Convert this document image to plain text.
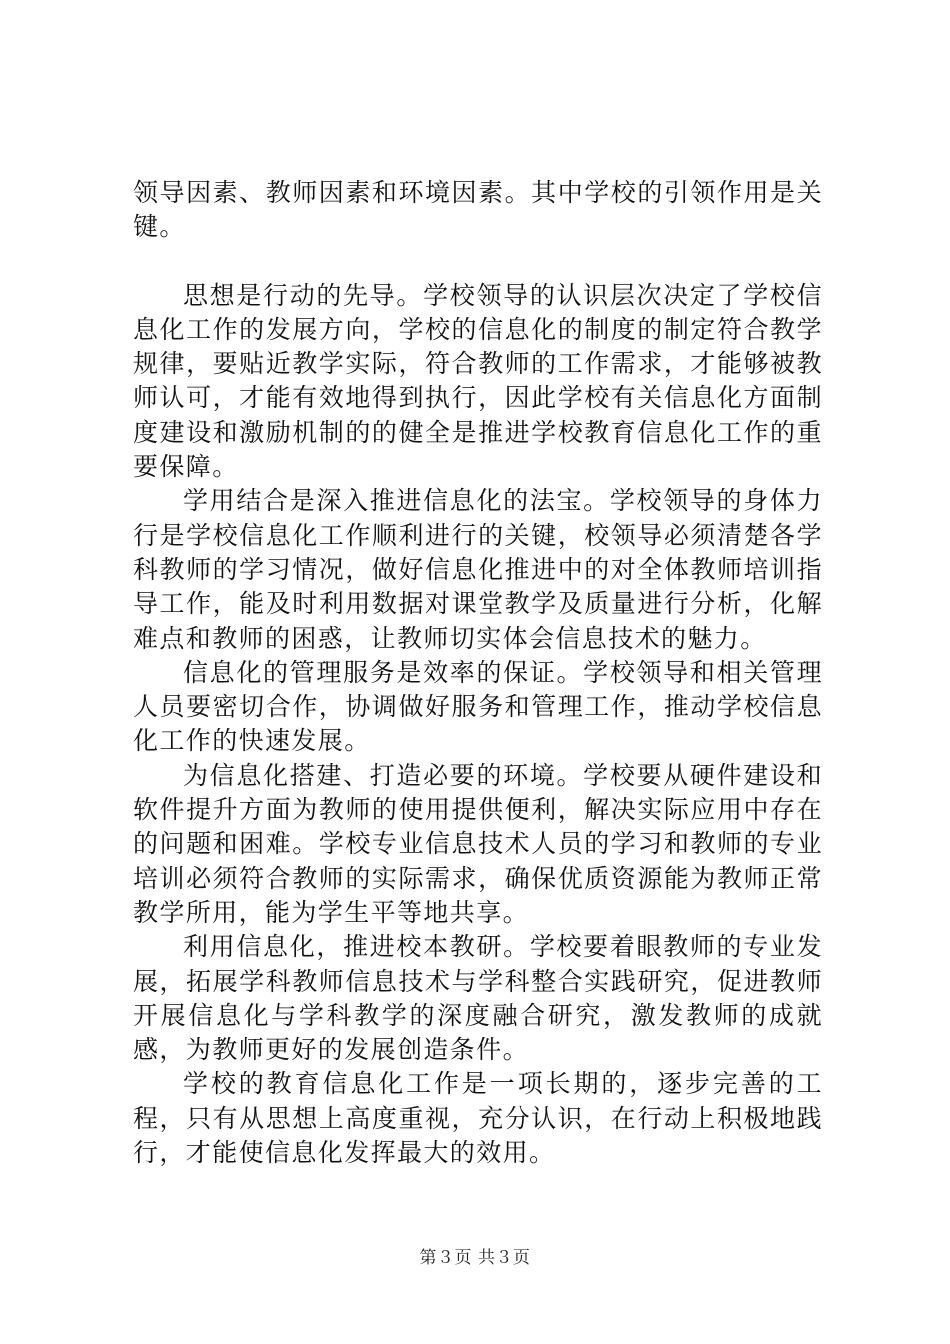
领导因素、教师因素和环境因素。其中学校的引领作用是关键。

思想是行动的先导。学校领导的认识层次决定了学校信息化工作的发展方向，学校的信息化的制度的制定符合教学规律，要贴近教学实际，符合教师的工作需求，才能够被教师认可，才能有效地得到执行，因此学校有关信息化方面制度建设和激励机制的的健全是推进学校教育信息化工作的重要保障。

学用结合是深入推进信息化的法宝。学校领导的身体力行是学校信息化工作顺利进行的关键，校领导必须清楚各学科教师的学习情况，做好信息化推进中的对全体教师培训指导工作，能及时利用数据对课堂教学及质量进行分析，化解难点和教师的困惑，让教师切实体会信息技术的魅力。

信息化的管理服务是效率的保证。学校领导和相关管理人员要密切合作，协调做好服务和管理工作，推动学校信息化工作的快速发展。

为信息化搭建、打造必要的环境。学校要从硬件建设和软件提升方面为教师的使用提供便利，解决实际应用中存在的问题和困难。学校专业信息技术人员的学习和教师的专业培训必须符合教师的实际需求，确保优质资源能为教师正常教学所用，能为学生平等地共享。

利用信息化，推进校本教研。学校要着眼教师的专业发展，拓展学科教师信息技术与学科整合实践研究，促进教师开展信息化与学科教学的深度融合研究，激发教师的成就感，为教师更好的发展创造条件。

学校的教育信息化工作是一项长期的，逐步完善的工程，只有从思想上高度重视，充分认识，在行动上积极地践行，才能使信息化发挥最大的效用。

第３页 共３页
